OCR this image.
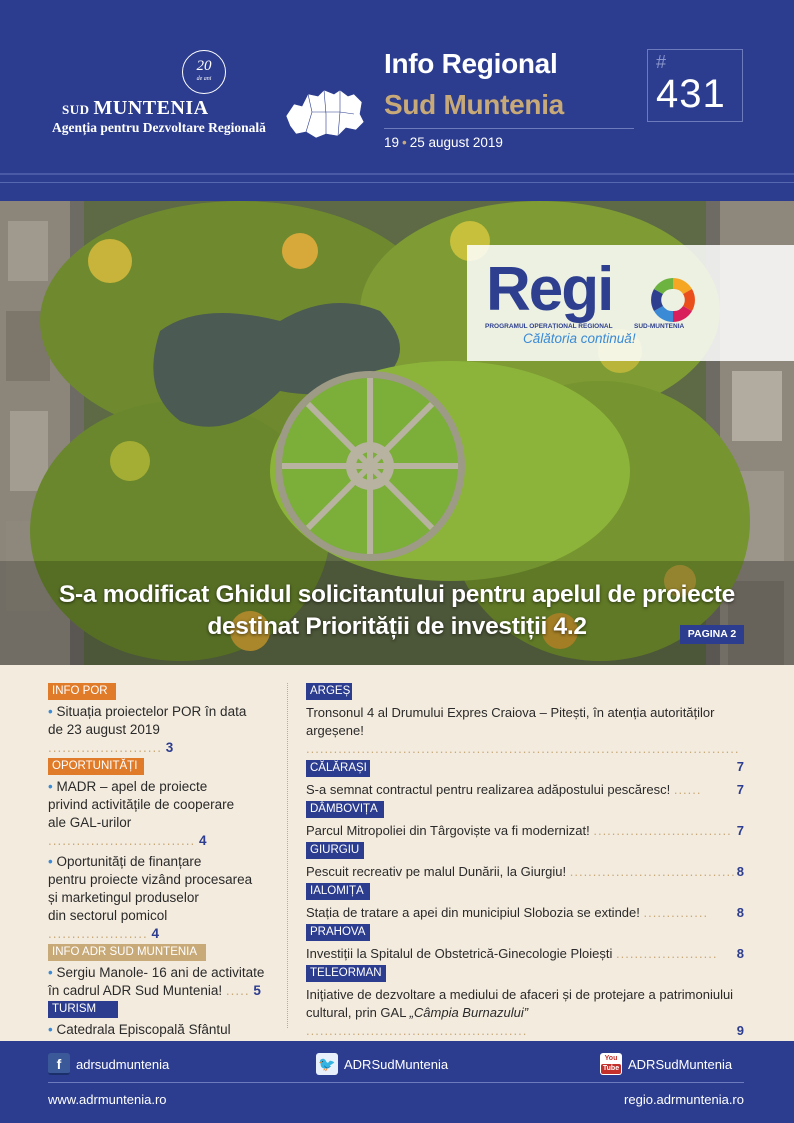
20
de ani
SUD MUNTENIA
Agenția pentru Dezvoltare Regională
Info Regional
Sud Muntenia
19 • 25 august 2019
#
431
Regi
PROGRAMUL OPERAȚIONAL REGIONAL	SUD-MUNTENIA
Călătoria continuă!
S-a modificat Ghidul solicitantului pentru apelul de proiecte
destinat Priorității de investiții 4.2	PAGINA 2
INFO POR
• Situația proiectelor POR în data
de 23 august 2019 ........................ 3
OPORTUNITĂȚI
• MADR – apel de proiecte
privind activitățile de cooperare
ale GAL-urilor ............................... 4
• Oportunități de finanțare
pentru proiecte vizând procesarea
și marketingul produselor
din sectorul pomicol ..................... 4
INFO ADR SUD MUNTENIA
• Sergiu Manole- 16 ani de activitate
în cadrul ADR Sud Muntenia! ..... 5
TURISM
• Catedrala Episcopală Sfântul

ARGEȘ
Tronsonul 4 al Drumului Expres Craiova – Pitești, în atenția autorităților
argeșene! ..............................................................................................
7
CĂLĂRAȘI
S-a semnat contractul pentru realizarea adăpostului pescăresc! ......	7
DÂMBOVIȚA
Parcul Mitropoliei din Târgoviște va fi modernizat! .............................. 7
GIURGIU
Pescuit recreativ pe malul Dunării, la Giurgiu! .................................... 8
IALOMIȚA
Stația de tratare a apei din municipiul Slobozia se extinde! .............. 8
PRAHOVA
Investiții la Spitalul de Obstetrică-Ginecologie Ploiești ...................... 8
TELEORMAN
Inițiative de dezvoltare a mediului de afaceri și de protejare a patrimoniului
cultural, prin GAL „Câmpia Burnazului” ................................................	9
f	adrsudmuntenia	🐦 ADRSudMuntenia	You
Tube ADRSudMuntenia
www.adrmuntenia.ro	regio.adrmuntenia.ro
